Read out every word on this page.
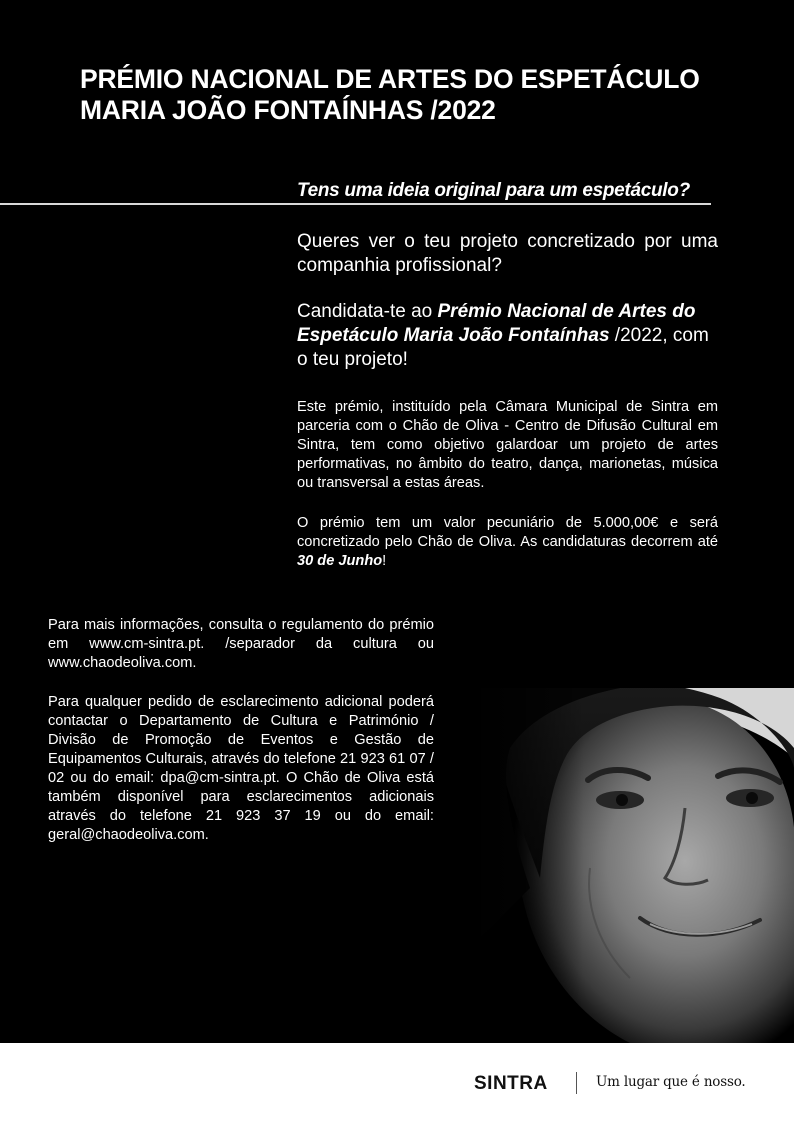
PRÉMIO NACIONAL DE ARTES DO ESPETÁCULO
MARIA JOÃO FONTAÍNHAS /2022
Tens uma ideia original para um espetáculo?
Queres ver o teu projeto concretizado por uma companhia profissional?
Candidata-te ao Prémio Nacional de Artes do Espetáculo Maria João Fontaínhas /2022, com o teu projeto!
Este prémio, instituído pela Câmara Municipal de Sintra em parceria com o Chão de Oliva - Centro de Difusão Cultural em Sintra, tem como objetivo galardoar um projeto de artes performativas, no âmbito do teatro, dança, marionetas, música ou transversal a estas áreas.
O prémio tem um valor pecuniário de 5.000,00€ e será concretizado pelo Chão de Oliva. As candidaturas decorrem até 30 de Junho!
Para mais informações, consulta o regulamento do prémio em www.cm-sintra.pt. /separador da cultura ou www.chaodeoliva.com.
Para qualquer pedido de esclarecimento adicional poderá contactar o Departamento de Cultura e Património / Divisão de Promoção de Eventos e Gestão de Equipamentos Culturais, através do telefone 21 923 61 07 / 02 ou do email: dpa@cm-sintra.pt. O Chão de Oliva está também disponível para esclarecimentos adicionais através do telefone 21 923 37 19 ou do email: geral@chaodeoliva.com.
SINTRA	Um lugar que é nosso.
